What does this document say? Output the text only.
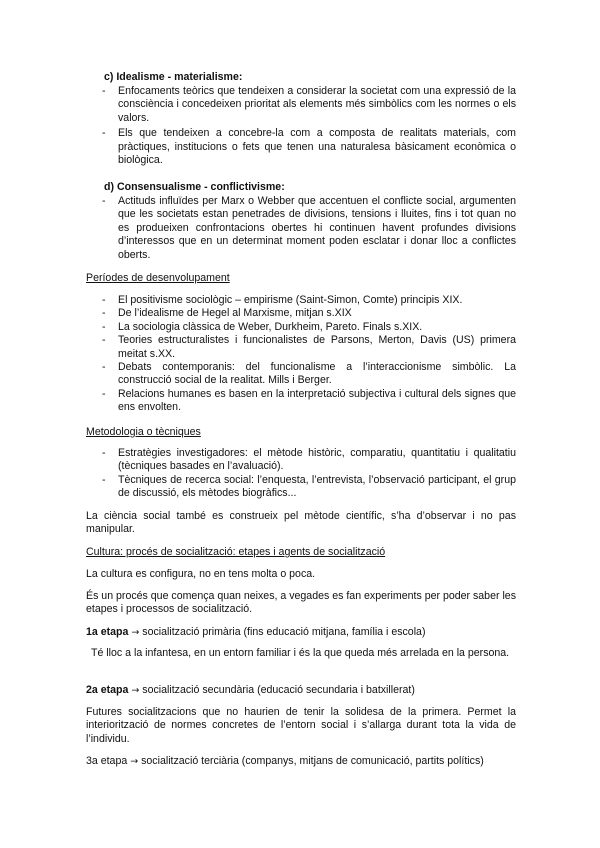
c) Idealisme - materialisme:
- Enfocaments teòrics que tendeixen a considerar la societat com una expressió de la consciència i concedeixen prioritat als elements més simbòlics com les normes o els valors.
- Els que tendeixen a concebre-la com a composta de realitats materials, com pràctiques, institucions o fets que tenen una naturalesa bàsicament econòmica o biològica.
d) Consensualisme - conflictivisme:
- Actituds influïdes per Marx o Webber que accentuen el conflicte social, argumenten que les societats estan penetrades de divisions, tensions i lluites, fins i tot quan no es produeixen confrontacions obertes hi continuen havent profundes divisions d’interessos que en un determinat moment poden esclatar i donar lloc a conflictes oberts.
Períodes de desenvolupament
- El positivisme sociològic – empirisme (Saint-Simon, Comte) principis XIX.
- De l’idealisme de Hegel al Marxisme, mitjan s.XIX
- La sociologia clàssica de Weber, Durkheim, Pareto. Finals s.XIX.
- Teories estructuralistes i funcionalistes de Parsons, Merton, Davis (US) primera meitat s.XX.
- Debats contemporanis: del funcionalisme a l’interaccionisme simbòlic. La construcció social de la realitat. Mills i Berger.
- Relacions humanes es basen en la interpretació subjectiva i cultural dels signes que ens envolten.
Metodologia o tècniques
- Estratègies investigadores: el mètode històric, comparatiu, quantitatiu i qualitatiu (tècniques basades en l’avaluació).
- Tècniques de recerca social: l’enquesta, l’entrevista, l’observació participant, el grup de discussió, els mètodes biogràfics...
La ciència social també es construeix pel mètode científic, s’ha d’observar i no pas manipular.
Cultura: procés de socialització: etapes i agents de socialització
La cultura es configura, no en tens molta o poca.
És un procés que comença quan neixes, a vegades es fan experiments per poder saber les etapes i processos de socialització.
1a etapa → socialització primària (fins educació mitjana, família i escola)
Té lloc a la infantesa, en un entorn familiar i és la que queda més arrelada en la persona.
2a etapa → socialització secundària (educació secundaria i batxillerat)
Futures socialitzacions que no haurien de tenir la solidesa de la primera. Permet la interiorització de normes concretes de l’entorn social i s’allarga durant tota la vida de l’individu.
3a etapa → socialització terciària (companys, mitjans de comunicació, partits polítics)
